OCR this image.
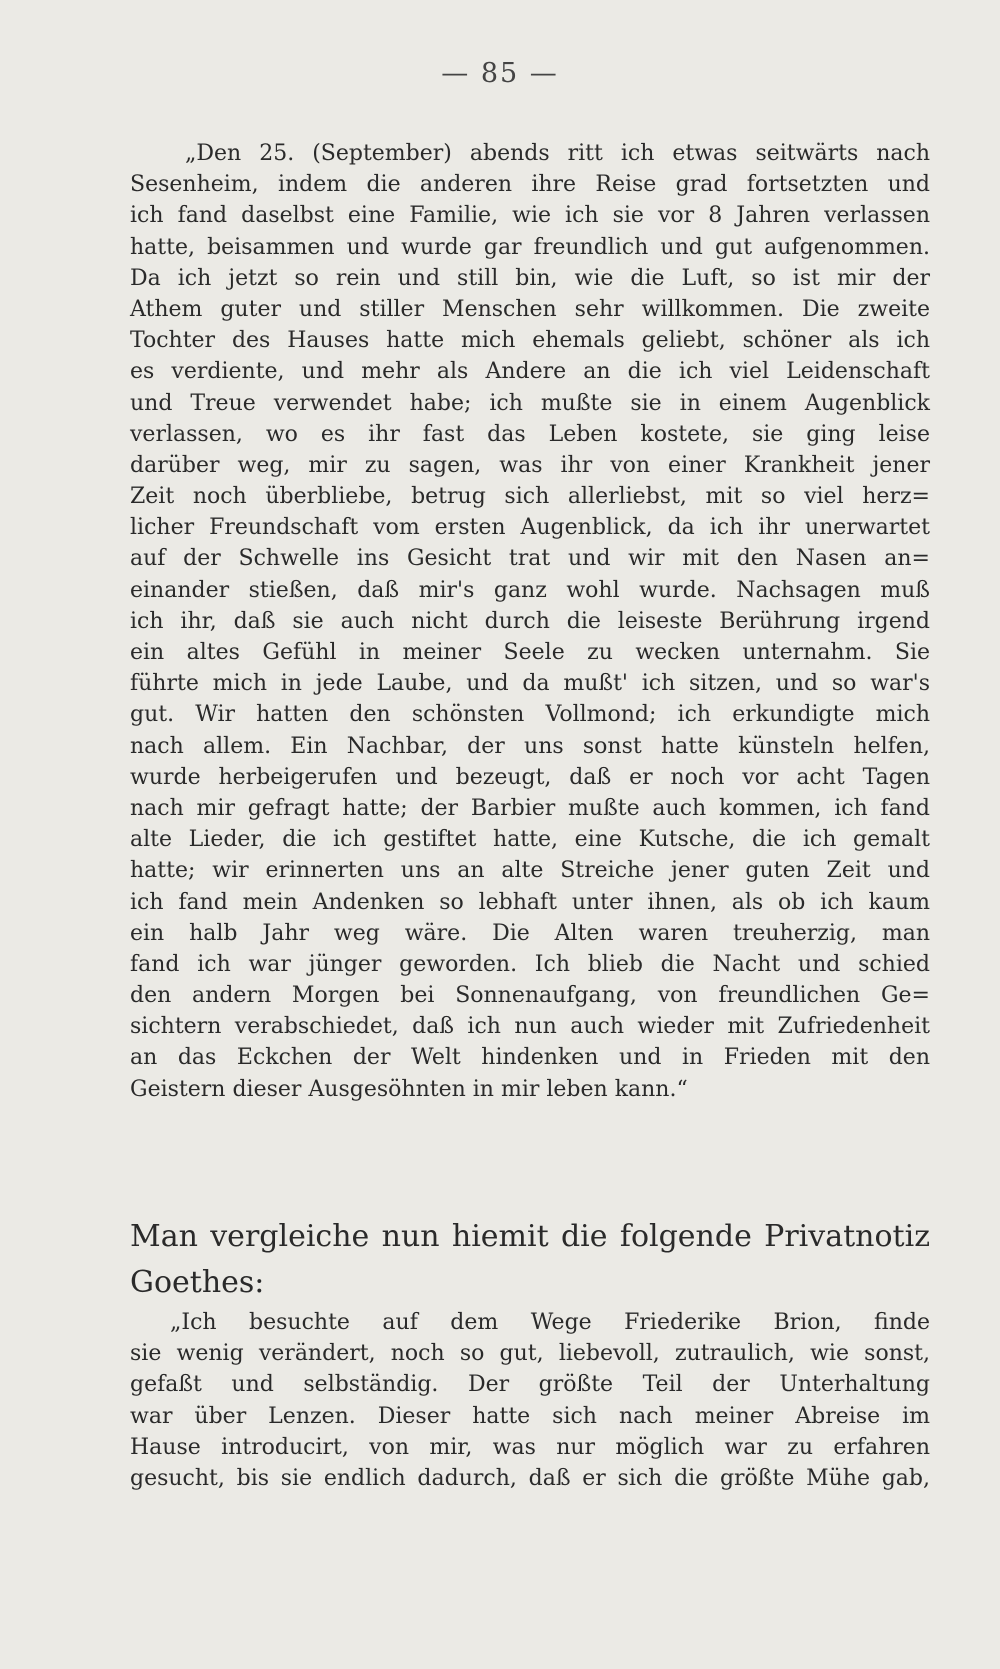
— 85 —
„Den 25. (September) abends ritt ich etwas seitwärts nach
Sesenheim, indem die anderen ihre Reise grad fortsetzten und
ich fand daselbst eine Familie, wie ich sie vor 8 Jahren verlassen
hatte, beisammen und wurde gar freundlich und gut aufgenommen.
Da ich jetzt so rein und still bin, wie die Luft, so ist mir der
Athem guter und stiller Menschen sehr willkommen. Die zweite
Tochter des Hauses hatte mich ehemals geliebt, schöner als ich
es verdiente, und mehr als Andere an die ich viel Leidenschaft
und Treue verwendet habe; ich mußte sie in einem Augenblick
verlassen, wo es ihr fast das Leben kostete, sie ging leise
darüber weg, mir zu sagen, was ihr von einer Krankheit jener
Zeit noch überbliebe, betrug sich allerliebst, mit so viel herz=
licher Freundschaft vom ersten Augenblick, da ich ihr unerwartet
auf der Schwelle ins Gesicht trat und wir mit den Nasen an=
einander stießen, daß mir's ganz wohl wurde. Nachsagen muß
ich ihr, daß sie auch nicht durch die leiseste Berührung irgend
ein altes Gefühl in meiner Seele zu wecken unternahm. Sie
führte mich in jede Laube, und da mußt' ich sitzen, und so war's
gut. Wir hatten den schönsten Vollmond; ich erkundigte mich
nach allem. Ein Nachbar, der uns sonst hatte künsteln helfen,
wurde herbeigerufen und bezeugt, daß er noch vor acht Tagen
nach mir gefragt hatte; der Barbier mußte auch kommen, ich fand
alte Lieder, die ich gestiftet hatte, eine Kutsche, die ich gemalt
hatte; wir erinnerten uns an alte Streiche jener guten Zeit und
ich fand mein Andenken so lebhaft unter ihnen, als ob ich kaum
ein halb Jahr weg wäre. Die Alten waren treuherzig, man
fand ich war jünger geworden. Ich blieb die Nacht und schied
den andern Morgen bei Sonnenaufgang, von freundlichen Ge=
sichtern verabschiedet, daß ich nun auch wieder mit Zufriedenheit
an das Eckchen der Welt hindenken und in Frieden mit den
Geistern dieser Ausgesöhnten in mir leben kann.“
Man vergleiche nun hiemit die folgende Privatnotiz
Goethes:
„Ich besuchte auf dem Wege Friederike Brion, finde
sie wenig verändert, noch so gut, liebevoll, zutraulich, wie sonst,
gefaßt und selbständig. Der größte Teil der Unterhaltung
war über Lenzen. Dieser hatte sich nach meiner Abreise im
Hause introducirt, von mir, was nur möglich war zu erfahren
gesucht, bis sie endlich dadurch, daß er sich die größte Mühe gab,
